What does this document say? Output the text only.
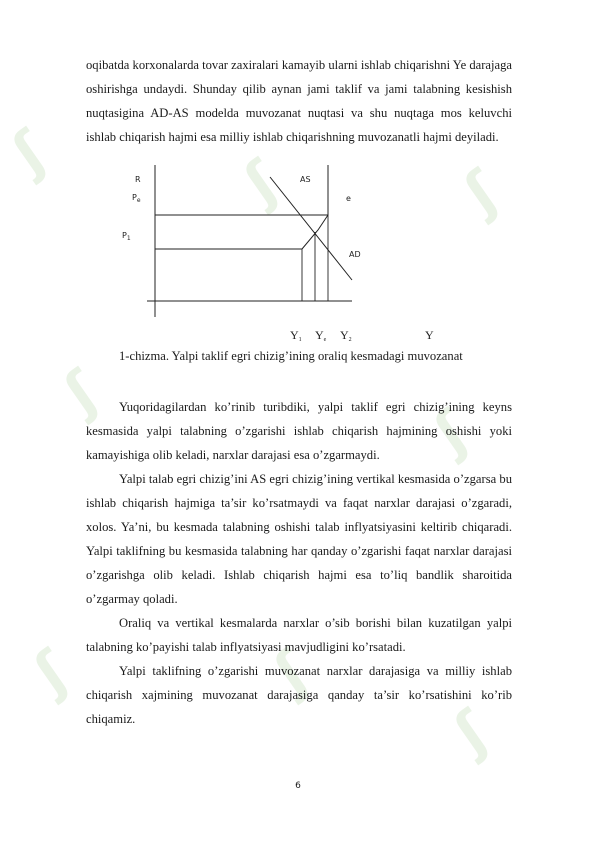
ʃ	ʃ	ʃ
ʃ
ʃ
ʃ	ʃ
ʃ

oqibatda korxonalarda tovar zaxiralari kamayib ularni ishlab chiqarishni Ye darajaga oshirishga undaydi. Shunday qilib aynan jami taklif va jami talabning kesishish nuqtasigina AD-AS modelda muvozanat nuqtasi va shu nuqtaga mos keluvchi ishlab chiqarish hajmi esa milliy ishlab chiqarishning muvozanatli hajmi deyiladi.

R
$P_e$
$P_1$
AS
e
AD
Y1 Ye Y2	Y
1-chizma. Yalpi taklif egri chizig’ining oraliq kesmadagi muvozanat

Yuqoridagilardan ko’rinib turibdiki, yalpi taklif egri chizig’ining keyns kesmasida yalpi talabning o’zgarishi ishlab chiqarish hajmining oshishi yoki kamayishiga olib keladi, narxlar darajasi esa o’zgarmaydi.

Yalpi talab egri chizig’ini AS egri chizig’ining vertikal kesmasida o’zgarsa bu ishlab chiqarish hajmiga ta’sir ko’rsatmaydi va faqat narxlar darajasi o’zgaradi, xolos. Ya’ni, bu kesmada talabning oshishi talab inflyatsiyasini keltirib chiqaradi. Yalpi taklifning bu kesmasida talabning har qanday o’zgarishi faqat narxlar darajasi o’zgarishga olib keladi. Ishlab chiqarish hajmi esa to’liq bandlik sharoitida o’zgarmay qoladi.

Oraliq va vertikal kesmalarda narxlar o’sib borishi bilan kuzatilgan yalpi talabning ko’payishi talab inflyatsiyasi mavjudligini ko’rsatadi.

Yalpi taklifning o’zgarishi muvozanat narxlar darajasiga va milliy ishlab chiqarish xajmining muvozanat darajasiga qanday ta’sir ko’rsatishini ko’rib chiqamiz.

6
